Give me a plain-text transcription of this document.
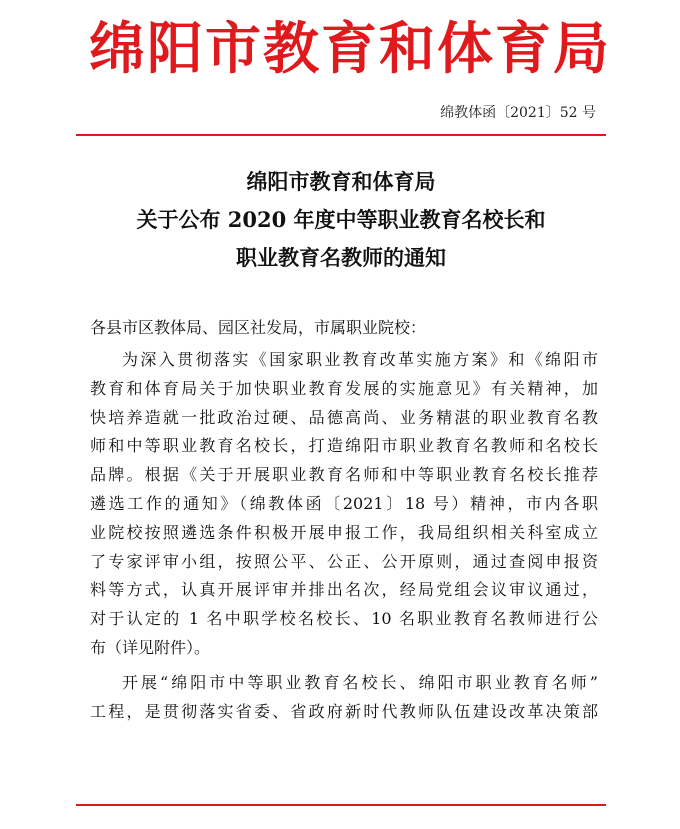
绵阳市教育和体育局
绵教体函〔2021〕52 号
绵阳市教育和体育局
关于公布 2020 年度中等职业教育名校长和
职业教育名教师的通知
各县市区教体局、园区社发局，市属职业院校：

为深入贯彻落实《国家职业教育改革实施方案》和《绵阳市
教育和体育局关于加快职业教育发展的实施意见》有关精神，加
快培养造就一批政治过硬、品德高尚、业务精湛的职业教育名教
师和中等职业教育名校长，打造绵阳市职业教育名教师和名校长
品牌。根据《关于开展职业教育名师和中等职业教育名校长推荐
遴选工作的通知》（绵教体函〔2021〕18 号）精神，市内各职
业院校按照遴选条件积极开展申报工作，我局组织相关科室成立
了专家评审小组，按照公平、公正、公开原则，通过查阅申报资
料等方式，认真开展评审并排出名次，经局党组会议审议通过，
对于认定的 1 名中职学校名校长、10 名职业教育名教师进行公
布（详见附件）。

开展“绵阳市中等职业教育名校长、绵阳市职业教育名师”
工程，是贯彻落实省委、省政府新时代教师队伍建设改革决策部
